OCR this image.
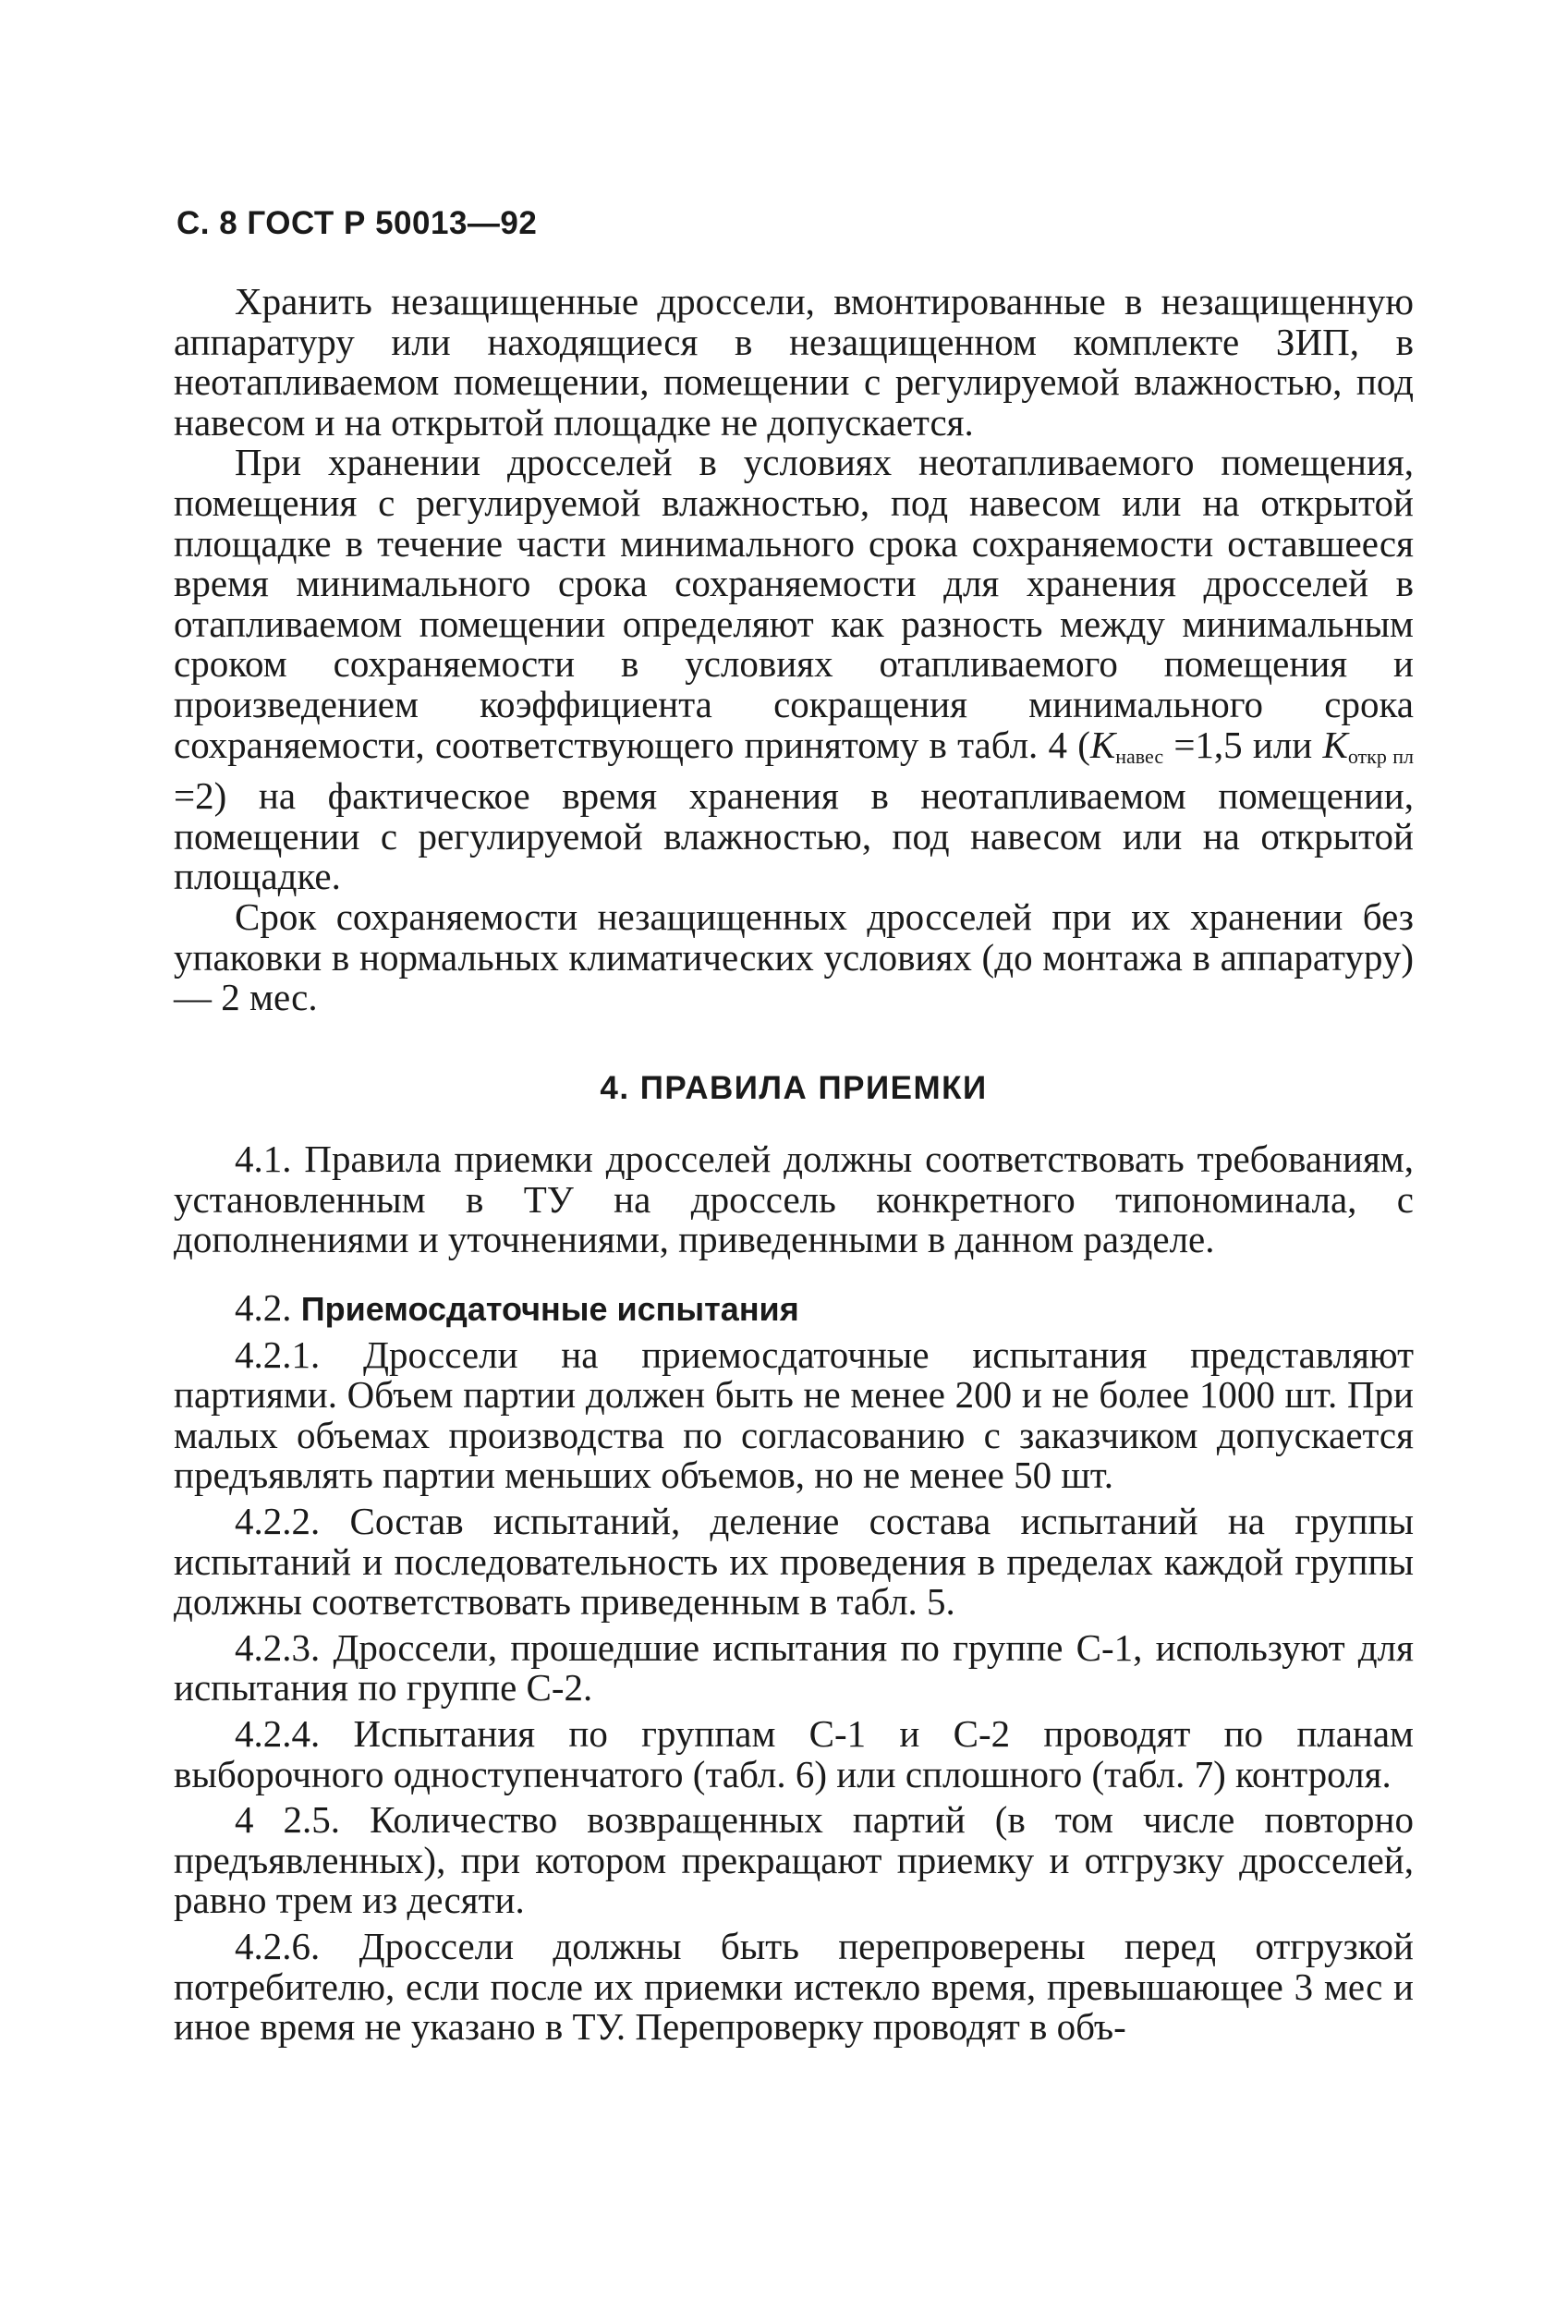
С. 8 ГОСТ Р 50013—92

Хранить незащищенные дроссели, вмонтированные в незащищенную аппаратуру или находящиеся в незащищенном комплекте ЗИП, в неотапливаемом помещении, помещении с регулируемой влажностью, под навесом и на открытой площадке не допускается.

При хранении дросселей в условиях неотапливаемого помещения, помещения с регулируемой влажностью, под навесом или на открытой площадке в течение части минимального срока сохраняемости оставшееся время минимального срока сохраняемости для хранения дросселей в отапливаемом помещении определяют как разность между минимальным сроком сохраняемости в условиях отапливаемого помещения и произведением коэффициента сокращения минимального срока сохраняемости, соответствующего принятому в табл. 4 ($K_{навес} =1,5$ или $K_{откр пл} =2$) на фактическое время хранения в неотапливаемом помещении, помещении с регулируемой влажностью, под навесом или на открытой площадке.

Срок сохраняемости незащищенных дросселей при их хранении без упаковки в нормальных климатических условиях (до монтажа в аппаратуру) — 2 мес.

4. ПРАВИЛА ПРИЕМКИ

4.1. Правила приемки дросселей должны соответствовать требованиям, установленным в ТУ на дроссель конкретного типономинала, с дополнениями и уточнениями, приведенными в данном разделе.

4.2. Приемосдаточные испытания

4.2.1. Дроссели на приемосдаточные испытания представляют партиями. Объем партии должен быть не менее 200 и не более 1000 шт. При малых объемах производства по согласованию с заказчиком допускается предъявлять партии меньших объемов, но не менее 50 шт.

4.2.2. Состав испытаний, деление состава испытаний на группы испытаний и последовательность их проведения в пределах каждой группы должны соответствовать приведенным в табл. 5.

4.2.3. Дроссели, прошедшие испытания по группе С-1, используют для испытания по группе С-2.

4.2.4. Испытания по группам С-1 и С-2 проводят по планам выборочного одноступенчатого (табл. 6) или сплошного (табл. 7) контроля.

4 2.5. Количество возвращенных партий (в том числе повторно предъявленных), при котором прекращают приемку и отгрузку дросселей, равно трем из десяти.

4.2.6. Дроссели должны быть перепроверены перед отгрузкой потребителю, если после их приемки истекло время, превышающее 3 мес и иное время не указано в ТУ. Перепроверку проводят в объ-
